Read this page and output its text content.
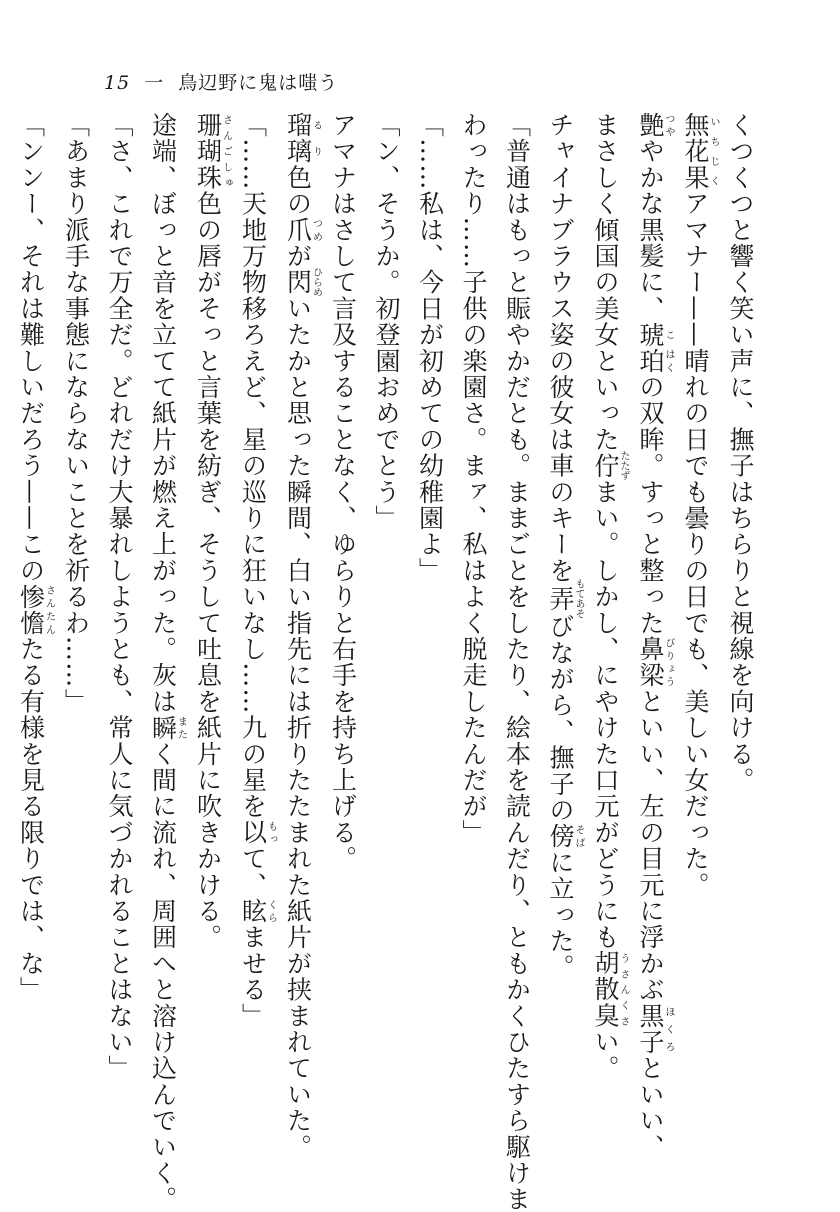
15 一 鳥辺野に鬼は嗤う
くつくつと響く笑い声に、撫子はちらりと視線を向ける。
無花果いちじくアマナー——晴れの日でも曇りの日でも、美しい女だった。
艶つややかな黒髪に、琥こ珀はくの双眸。すっと整った鼻梁びりょうといい、左の目元に浮かぶ黒子ほくろといい、
まさしく傾国の美女といった佇たたずまい。しかし、にやけた口元がどうにも胡散臭うさんくさい。
チャイナブラウス姿の彼女は車のキーを弄もてあそびながら、撫子の傍そばに立った。
「普通はもっと賑やかだとも。ままごとをしたり、絵本を読んだり、ともかくひたすら駆けま
わったり……子供の楽園さ。まァ、私はよく脱走したんだが」
「……私は、今日が初めての幼稚園よ」
「ン、そうか。初登園おめでとう」
アマナはさして言及することなく、ゆらりと右手を持ち上げる。
瑠璃るり色の爪つめが閃ひらめいたかと思った瞬間、白い指先には折りたたまれた紙片が挟まれていた。
「……天地万物移ろえど、星の巡りに狂いなし……九の星を以もって、眩くらませる」
珊瑚珠さんごしゅ色の唇がそっと言葉を紡ぎ、そうして吐息を紙片に吹きかける。
途端、ぼっと音を立てて紙片が燃え上がった。灰は瞬またく間に流れ、周囲へと溶け込んでいく。
「さ、これで万全だ。どれだけ大暴れしようとも、常人に気づかれることはない」
「あまり派手な事態にならないことを祈るわ……」
「ンンー、それは難しいだろう——この惨憺さんたんたる有様を見る限りでは、な」
